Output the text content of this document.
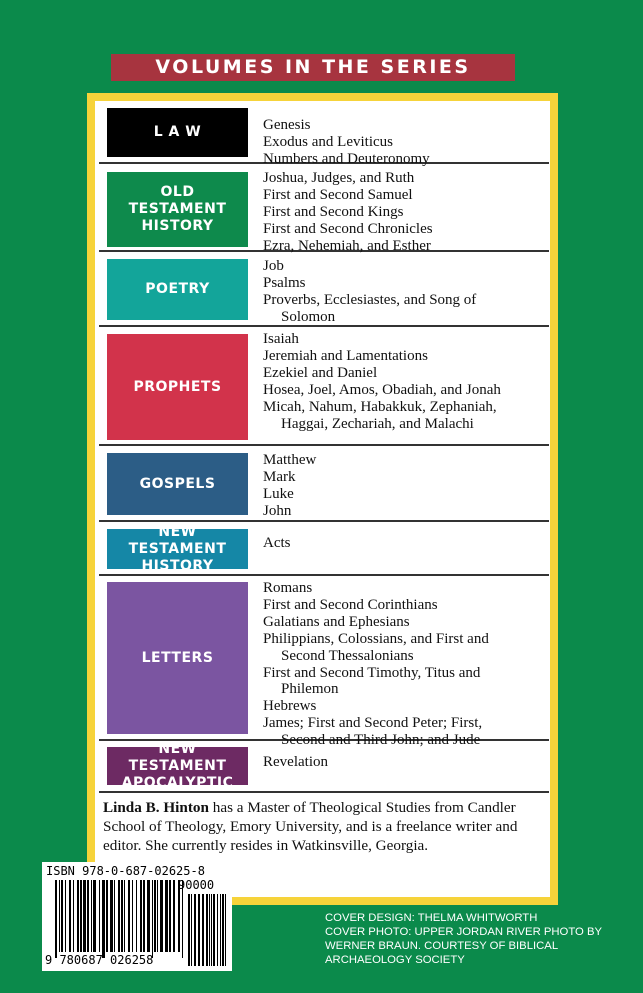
VOLUMES IN THE SERIES
L A W	Genesis
Exodus and Leviticus
Numbers and Deuteronomy
OLD TESTAMENT HISTORY
Joshua, Judges, and Ruth
First and Second Samuel
First and Second Kings
First and Second Chronicles
Ezra, Nehemiah, and Esther
POETRY
Job
Psalms
Proverbs, Ecclesiastes, and Song of
Solomon
PROPHETS
Isaiah
Jeremiah and Lamentations
Ezekiel and Daniel
Hosea, Joel, Amos, Obadiah, and Jonah
Micah, Nahum, Habakkuk, Zephaniah,
Haggai, Zechariah, and Malachi
GOSPELS
Matthew
Mark
Luke
John
NEW TESTAMENT HISTORY
Acts
LETTERS
Romans
First and Second Corinthians
Galatians and Ephesians
Philippians, Colossians, and First and
Second Thessalonians
First and Second Timothy, Titus and
Philemon
Hebrews
James; First and Second Peter; First,
Second and Third John; and Jude
NEW TESTAMENT APOCALYPTIC
Revelation
Linda B. Hinton has a Master of Theological Studies from Candler School of Theology, Emory University, and is a freelance writer and editor. She currently resides in Watkinsville, Georgia.
ISBN 978-0-687-02625-8
90000
9 780687 026258
COVER DESIGN: THELMA WHITWORTH
COVER PHOTO: UPPER JORDAN RIVER PHOTO BY
WERNER BRAUN. COURTESY OF BIBLICAL
ARCHAEOLOGY SOCIETY
